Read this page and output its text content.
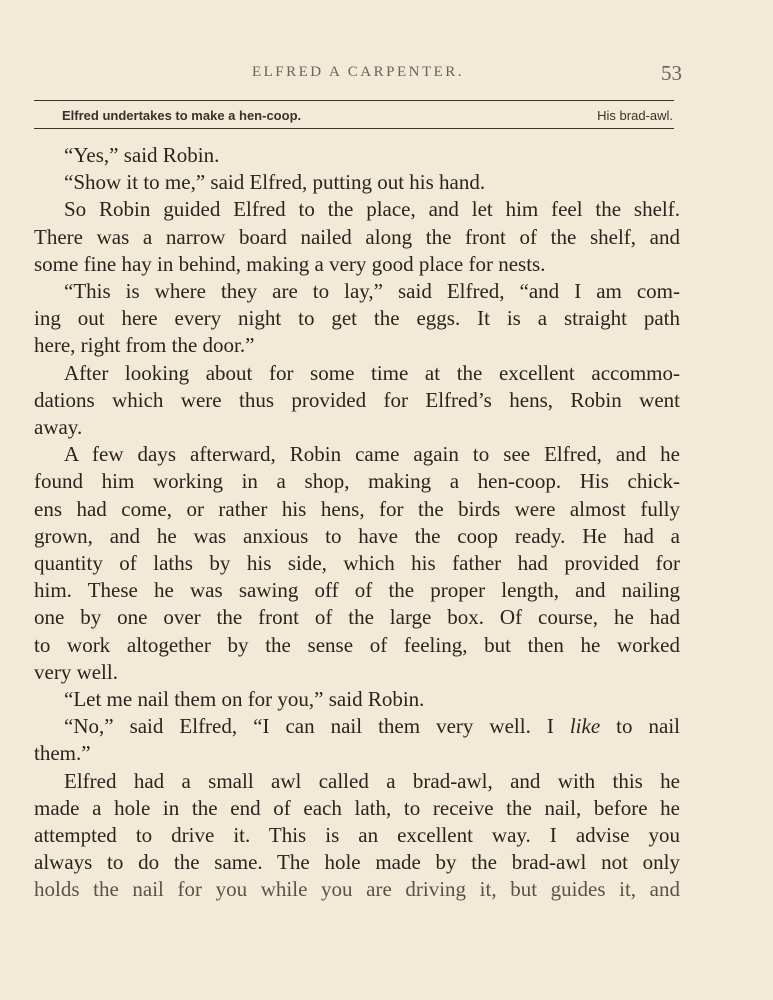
ELFRED A CARPENTER.	53
Elfred undertakes to make a hen-coop.	His brad-awl.

“Yes,” said Robin.

“Show it to me,” said Elfred, putting out his hand.

So Robin guided Elfred to the place, and let him feel the shelf.

There was a narrow board nailed along the front of the shelf, and

some fine hay in behind, making a very good place for nests.

“This is where they are to lay,” said Elfred, “and I am com-

ing out here every night to get the eggs. It is a straight path

here, right from the door.”

After looking about for some time at the excellent accommo-

dations which were thus provided for Elfred’s hens, Robin went

away.

A few days afterward, Robin came again to see Elfred, and he

found him working in a shop, making a hen-coop. His chick-

ens had come, or rather his hens, for the birds were almost fully

grown, and he was anxious to have the coop ready. He had a

quantity of laths by his side, which his father had provided for

him. These he was sawing off of the proper length, and nailing

one by one over the front of the large box. Of course, he had

to work altogether by the sense of feeling, but then he worked

very well.

“Let me nail them on for you,” said Robin.

“No,” said Elfred, “I can nail them very well. I like to nail

them.”

Elfred had a small awl called a brad-awl, and with this he

made a hole in the end of each lath, to receive the nail, before he

attempted to drive it. This is an excellent way. I advise you

always to do the same. The hole made by the brad-awl not only

holds the nail for you while you are driving it, but guides it, and
